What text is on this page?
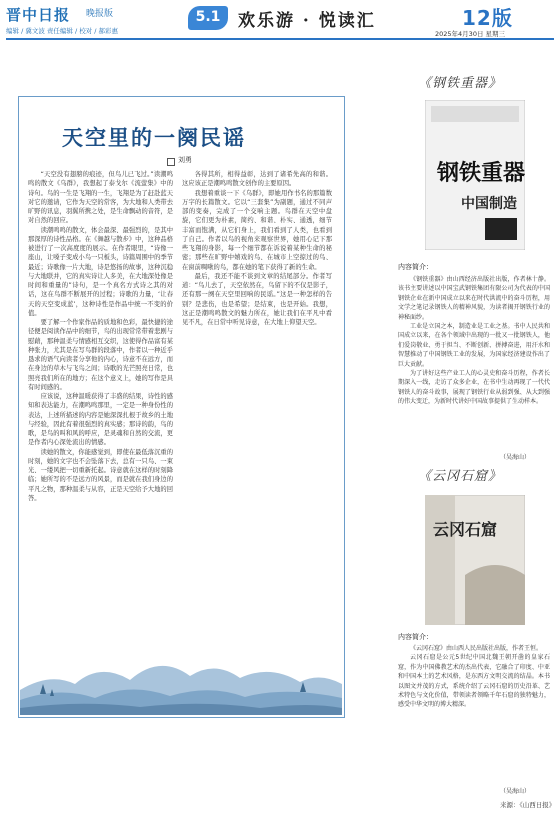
晋中日报 晚报版
编辑 / 冀文波 责任编辑 / 校对 / 郝彩惠
5.1	欢乐游 · 悦读汇	12版
2025年4月30日 星期三
天空里的一阕民谣
刘勇

“天空没有翅膀的痕迹，但鸟儿已飞过。”读潮鸣鸣的散文《乌群》，我想起了泰戈尔《流萤集》中的诗句。鸟的一生是飞翔的一生，飞翔是为了赶赴蓝天对它的邀请，它作为天空的常客，为大地和人类带去旷野的讯息，羽翼所携之处，是生命飘动的音符，是对自然的回应。

读潮鸣鸣的散文，体会最深、最强烈的，是其中那深厚的诗性品格。在《舞越与散步》中，这种品格被进行了一次高度度的展示。在作者眼里，“诗像一座山，让嗓子变成小鸟一只板头，诗篇周围中的季节最近；诗歌像一片大地，诗是悠扬的故事，这种沉稳与大地联并，它的真实诗让人多美，在大地深处像是时间和重量的”诗句，是一个真名方式诗之其的对话，这在鸟群不断展开的过程；诗歌的力量，‘让春天的天空变成蓝’，这种诗性是作品中统一不变的价值。

要了解一个作家作品的质地和色彩，最快捷的途径便是阅读作品中的细节，鸟的出现常常带着悲剧与慰藉，那种温柔与情感相互交织，这使得作品富有某种张力，尤其是在写鸟群的段落中，作者以一种近乎恳求的语气向读者分享他的内心，诗意不在远方，而在身边的草木与飞鸟之间；诗歌的光芒照亮日常，也照亮我们所在的地方；在这个意义上，她的写作是具有时间感的。

应该说，这种温暖获得了丰盛的结果，诗性的感知和表达能力，在潮鸣鸣那里，一定是一种身份性的表达，上述所描述的内容是她深深扎根于故乡的土地与经验，因此有着很强烈的真实感；那诗的韵，鸟的歌，是鸟的叫和风的呼应，是灵魂和自然的交流，更是作者内心深处流出的情感。

读她的散文，你能感觉到，即使在最低落沉重的时刻，她的文字也不会坠落下去，总有一只鸟、一束光、一缕风把一切重新托起。诗意就在这样的时刻降临；她所写的不是远方的风景，而是就在我们身边的平凡之物，那种温柔与从容，正是天空给予大地的回答。

各得其所，相得益彰，达到了诸希先高的和谐。这应该正是潮鸣鸣散文创作的主要原因。

我想着重谈一下《乌群》，即她用作书名的那篇数万字的长篇散文。它以“三套集”为副题，通过不同声部的变奏，完成了一个交响主题。鸟群在天空中盘旋，它们更为朴素，简约、和谐、朴实、通透，细节丰富而饱满，从它们身上，我们看到了人类，也看到了自己。作者以鸟的视角来观察世界，她用心记下那些飞翔的身影，每一个细节都在诉说着某种生命的秘密；那些在旷野中嬉戏的鸟、在城市上空掠过的鸟、在窗前啁啾的鸟，都在她的笔下获得了新的生命。

最后，我还不能不谈到文章的结尾部分。作者写道：“鸟儿去了，天空依然在，鸟留下的不仅是影子，还有那一阕在天空里回响的民谣。”这是一种怎样的告别？是悲伤，也是希望；是结束，也是开始。我想，这正是潮鸣鸣散文的魅力所在，她让我们在平凡中看见不凡，在日常中听见诗意，在大地上仰望天空。

《钢铁重器》
中国制造
钢铁重器
内容简介：

《钢铁重器》由山西经济出版社出版，作者林十静。该书主要讲述以中国宝武钢铁集团有限公司为代表的中国钢铁企业在新中国成立以来在时代洪流中的奋斗历程，用文学之笔记录钢铁人的精神风貌，为读者揭开钢铁行业的神秘面纱。

工业是立国之本，制造业是工业之基。书中人民共和国成立以来，在各个领域中出现的一批又一批钢铁人，他们爱岗敬业、勇于担当、不断创新、拼搏奋进，用汗水和智慧推动了中国钢铁工业的发展，为国家经济建设作出了巨大贡献。

为了讲好这些产业工人的心灵史和奋斗历程，作者长期深入一线，走访了众多企业，在书中生动再现了一代代钢铁人的奋斗故事，展现了钢铁行业从弱到强、从大到强的伟大变迁，为新时代讲好中国故事提供了生动样本。

（吴海山）
《云冈石窟》
云冈石窟
内容简介：

《云冈石窟》由山西人民出版社出版，作者王恒。

云冈石窟是公元5世纪中国北魏王朝开凿的皇家石窟，作为中国佛教艺术的杰出代表，它融合了印度、中亚和中国本土的艺术风格，是东西方文明交流的结晶。本书以图文并茂的方式，系统介绍了云冈石窟的历史沿革、艺术特色与文化价值，带领读者领略千年石窟的独特魅力，感受中华文明的博大精深。

（吴海山）
来源：《山西日报》
